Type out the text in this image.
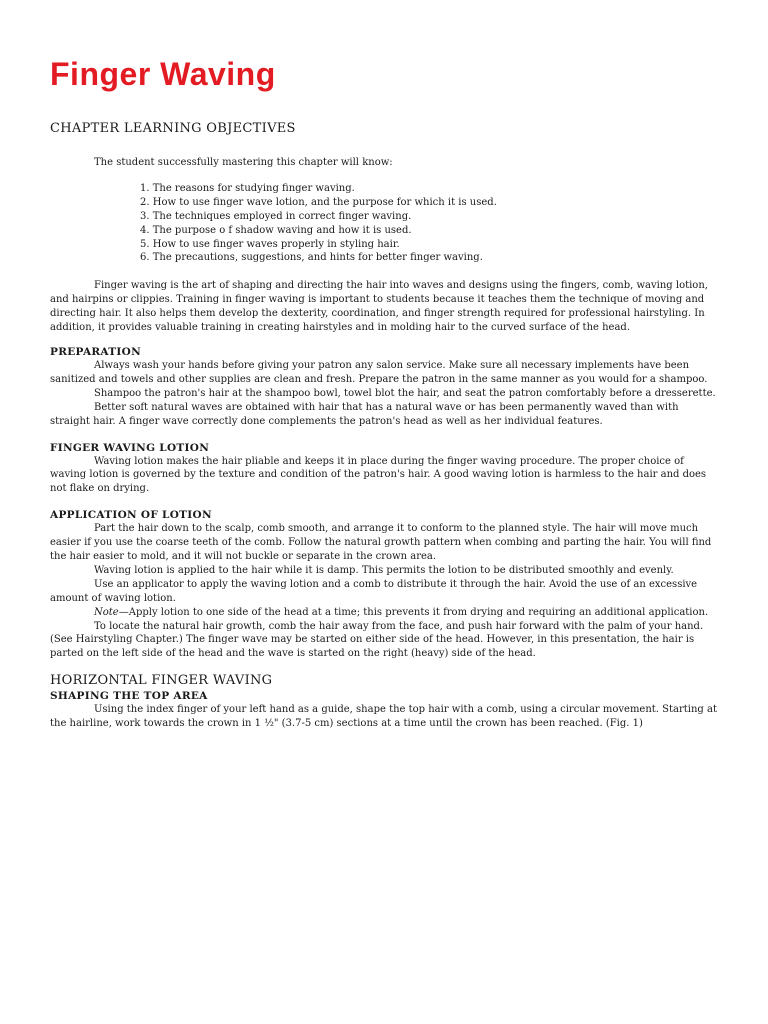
Finger Waving
CHAPTER LEARNING OBJECTIVES

The student successfully mastering this chapter will know:

1. The reasons for studying finger waving.
2. How to use finger wave lotion, and the purpose for which it is used.
3. The techniques employed in correct finger waving.
4. The purpose o f shadow waving and how it is used.
5. How to use finger waves properly in styling hair.
6. The precautions, suggestions, and hints for better finger waving.

Finger waving is the art of shaping and directing the hair into waves and designs using the fingers, comb, waving lotion, and hairpins or clippies. Training in finger waving is important to students because it teaches them the technique of moving and directing hair. It also helps them develop the dexterity, coordination, and finger strength required for professional hairstyling. In addition, it provides valuable training in creating hairstyles and in molding hair to the curved surface of the head.

PREPARATION

Always wash your hands before giving your patron any salon service. Make sure all necessary implements have been sanitized and towels and other supplies are clean and fresh. Prepare the patron in the same manner as you would for a shampoo.

Shampoo the patron's hair at the shampoo bowl, towel blot the hair, and seat the patron comfortably before a dresserette.

Better soft natural waves are obtained with hair that has a natural wave or has been permanently waved than with straight hair. A finger wave correctly done complements the patron's head as well as her individual features.

FINGER WAVING LOTION

Waving lotion makes the hair pliable and keeps it in place during the finger waving procedure. The proper choice of waving lotion is governed by the texture and condition of the patron's hair. A good waving lotion is harmless to the hair and does not flake on drying.

APPLICATION OF LOTION

Part the hair down to the scalp, comb smooth, and arrange it to conform to the planned style. The hair will move much easier if you use the coarse teeth of the comb. Follow the natural growth pattern when combing and parting the hair. You will find the hair easier to mold, and it will not buckle or separate in the crown area.

Waving lotion is applied to the hair while it is damp. This permits the lotion to be distributed smoothly and evenly.

Use an applicator to apply the waving lotion and a comb to distribute it through the hair. Avoid the use of an excessive amount of waving lotion.

Note—Apply lotion to one side of the head at a time; this prevents it from drying and requiring an additional application.

To locate the natural hair growth, comb the hair away from the face, and push hair forward with the palm of your hand. (See Hairstyling Chapter.) The finger wave may be started on either side of the head. However, in this presentation, the hair is parted on the left side of the head and the wave is started on the right (heavy) side of the head.

HORIZONTAL FINGER WAVING
SHAPING THE TOP AREA

Using the index finger of your left hand as a guide, shape the top hair with a comb, using a circular movement. Starting at the hairline, work towards the crown in 1 ½" (3.7-5 cm) sections at a time until the crown has been reached. (Fig. 1)
